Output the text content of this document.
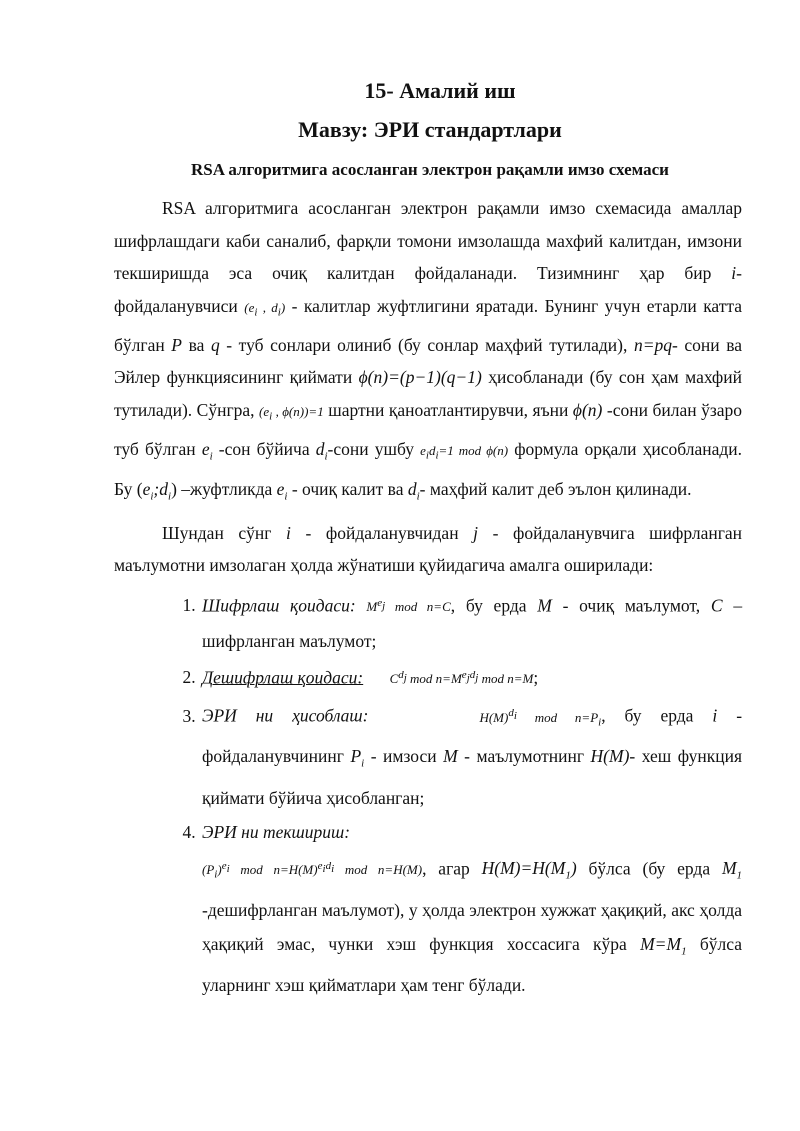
15- Амалий иш
Мавзу: ЭРИ стандартлари
RSA алгоритмига асосланган электрон рақамли имзо схемаси

RSA алгоритмига асосланган электрон рақамли имзо схемасида амаллар шифрлашдаги каби саналиб, фарқли томони имзолашда махфий калитдан, имзони текширишда эса очиқ калитдан фойдаланади. Тизимнинг ҳар бир i- фойдаланувчиси ($e_i$ , $d_i$) - калитлар жуфтлигини яратади. Бунинг учун етарли катта бўлган P ва q - туб сонлари олиниб (бу сонлар маҳфий тутилади), n=pq- сони ва Эйлер функциясининг қиймати ϕ(n)=(p−1)(q−1) ҳисобланади (бу сон ҳам махфий тутилади). Сўнгра, ($e_i$ , ϕ(n))=1 шартни қаноатлантирувчи, яъни ϕ(n) -сони билан ўзаро туб бўлган $e_i$ -сон бўйича $d_i$-сони ушбу $e_id_i=1$ mod ϕ(n) формула орқали ҳисобланади. Бу $(e_i;d_i)$ –жуфтликда $e_i$ - очиқ калит ва $d_i-$ маҳфий калит деб эълон қилинади.

Шундан сўнг i - фойдаланувчидан j - фойдаланувчига шифрланган маълумотни имзолаган ҳолда жўнатиши қуйидагича амалга оширилади:

1. Шифрлаш қоидаси: $M^{e_j}$ mod n=C, бу ерда M - очиқ маълумот, C – шифрланган маълумот;
2. Дешифрлаш қоидаси: $C^{d_j}$ mod $n=M^{e_jd_j}$ mod n=M;
3. ЭРИ ни ҳисоблаш:	$H(M)^{d_i}$ mod $n=P_i$, бу ерда i - фойдаланувчининг $P_i$ - имзоси M - маълумотнинг H(M)- хеш функция қиймати бўйича ҳисобланган;
4. ЭРИ ни текшириш:
$(P_i)^{e_i}$ mod $n=H(M)^{e_id_i}$ mod n=H(M), агар $H(M)=H(M_1)$ бўлса (бу ерда $M_1$ -дешифрланган маълумот), у ҳолда электрон хужжат ҳақиқий, акс ҳолда ҳақиқий эмас, чунки хэш функция хоссасига кўра $M=M_1$ бўлса уларнинг хэш қийматлари ҳам тенг бўлади.
